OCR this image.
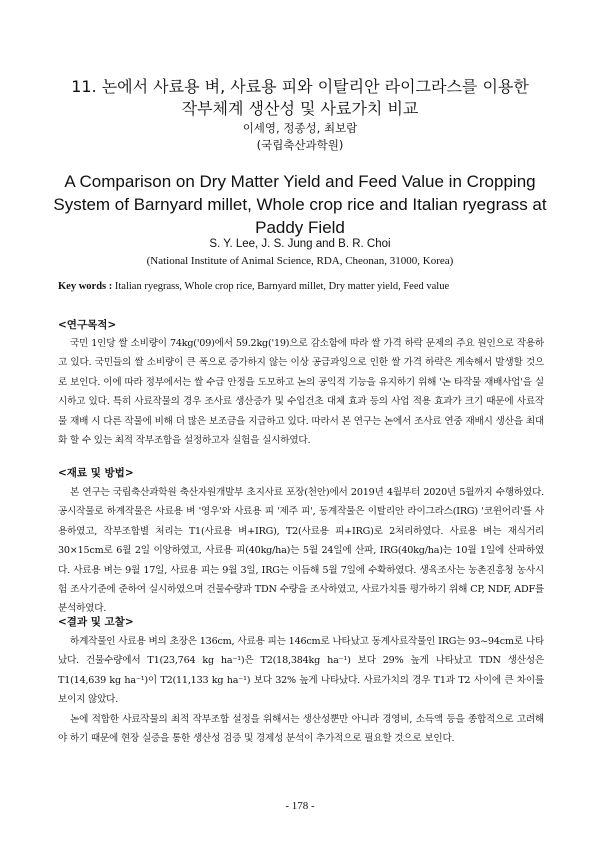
11. 논에서 사료용 벼, 사료용 피와 이탈리안 라이그라스를 이용한
작부체계 생산성 및 사료가치 비교
이세영, 정종성, 최보람
(국립축산과학원)
A Comparison on Dry Matter Yield and Feed Value in Cropping
System of Barnyard millet, Whole crop rice and Italian ryegrass at
Paddy Field
S. Y. Lee, J. S. Jung and B. R. Choi
(National Institute of Animal Science, RDA, Cheonan, 31000, Korea)
Key words : Italian ryegrass, Whole crop rice, Barnyard millet, Dry matter yield, Feed value
<연구목적>

국민 1인당 쌀 소비량이 74kg('09)에서 59.2kg('19)으로 감소함에 따라 쌀 가격 하락 문제의 주요 원인으로 작용하고 있다. 국민들의 쌀 소비량이 큰 폭으로 증가하지 않는 이상 공급과잉으로 인한 쌀 가격 하락은 계속해서 발생할 것으로 보인다. 이에 따라 정부에서는 쌀 수급 안정을 도모하고 논의 공익적 기능을 유지하기 위해 '논 타작물 재배사업'을 실시하고 있다. 특히 사료작물의 경우 조사료 생산증가 및 수입건초 대체 효과 등의 사업 적용 효과가 크기 때문에 사료작물 재배 시 다른 작물에 비해 더 많은 보조금을 지급하고 있다. 따라서 본 연구는 논에서 조사료 연중 재배시 생산을 최대화 할 수 있는 최적 작부조합을 설정하고자 실험을 실시하였다.

<재료 및 방법>

본 연구는 국립축산과학원 축산자원개발부 초지사료 포장(천안)에서 2019년 4월부터 2020년 5월까지 수행하였다. 공시작물로 하계작물은 사료용 벼 '영우'와 사료용 피 '제주 피', 동계작물은 이탈리안 라이그라스(IRG) '코윈어리'를 사용하였고, 작부조합별 처리는 T1(사료용 벼+IRG), T2(사료용 피+IRG)로 2처리하였다. 사료용 벼는 재식거리 30×15cm로 6월 2일 이앙하였고, 사료용 피(40kg/ha)는 5월 24일에 산파, IRG(40kg/ha)는 10월 1일에 산파하였다. 사료용 벼는 9월 17일, 사료용 피는 9월 3일, IRG는 이듬해 5월 7일에 수확하였다. 생육조사는 농촌진흥청 농사시험 조사기준에 준하여 실시하였으며 건물수량과 TDN 수량을 조사하였고, 사료가치를 평가하기 위해 CP, NDF, ADF를 분석하였다.

<결과 및 고찰>

하계작물인 사료용 벼의 초장은 136cm, 사료용 피는 146cm로 나타났고 동계사료작물인 IRG는 93~94cm로 나타났다. 건물수량에서 T1(23,764 kg ha⁻¹)은 T2(18,384kg ha⁻¹) 보다 29% 높게 나타났고 TDN 생산성은 T1(14,639 kg ha⁻¹)이 T2(11,133 kg ha⁻¹) 보다 32% 높게 나타났다. 사료가치의 경우 T1과 T2 사이에 큰 차이를 보이지 않았다.

논에 적합한 사료작물의 최적 작부조합 설정을 위해서는 생산성뿐만 아니라 경영비, 소득액 등을 종합적으로 고려해야 하기 때문에 현장 실증을 통한 생산성 검증 및 경제성 분석이 추가적으로 필요할 것으로 보인다.

- 178 -
